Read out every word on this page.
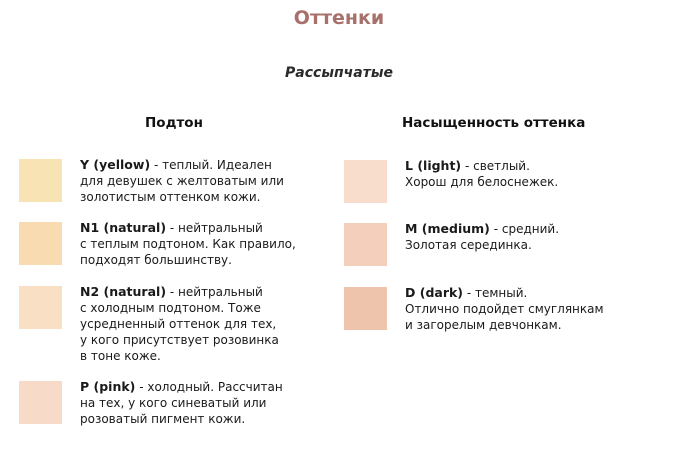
Оттенки
Рассыпчатые
Подтон	Насыщенность оттенка
Y (yellow) - теплый. Идеален
для девушек с желтоватым или
золотистым оттенком кожи.
N1 (natural) - нейтральный
с теплым подтоном. Как правило,
подходят большинству.
N2 (natural) - нейтральный
с холодным подтоном. Тоже
усредненный оттенок для тех,
у кого присутствует розовинка
в тоне коже.
P (pink) - холодный. Рассчитан
на тех, у кого синеватый или
розоватый пигмент кожи.
L (light) - светлый.
Хорош для белоснежек.
M (medium) - средний.
Золотая серединка.
D (dark) - темный.
Отлично подойдет смуглянкам
и загорелым девчонкам.
